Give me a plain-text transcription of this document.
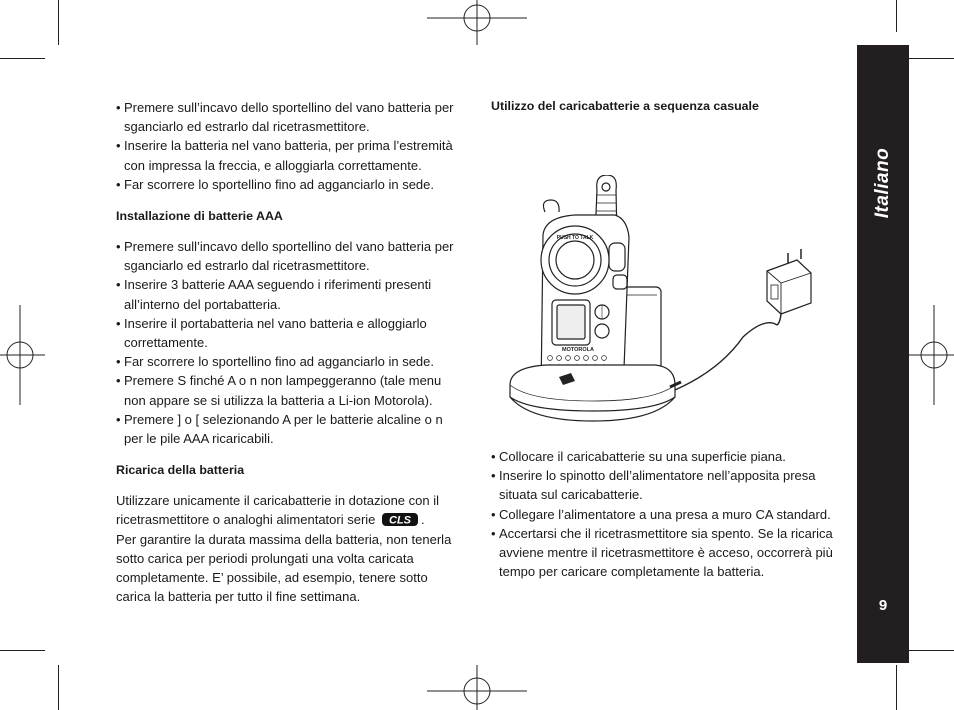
• Premere sull’incavo dello sportellino del vano batteria per sganciarlo ed estrarlo dal ricetrasmettitore.
• Inserire la batteria nel vano batteria, per prima l’estremità con impressa la freccia, e alloggiarla correttamente.
• Far scorrere lo sportellino fino ad agganciarlo in sede.
Installazione di batterie AAA
• Premere sull’incavo dello sportellino del vano batteria per sganciarlo ed estrarlo dal ricetrasmettitore.
• Inserire 3 batterie AAA seguendo i riferimenti presenti all’interno del portabatteria.
• Inserire il portabatteria nel vano batteria e alloggiarlo correttamente.
• Far scorrere lo sportellino fino ad agganciarlo in sede.
• Premere S finché A o n non lampeggeranno (tale menu non appare se si utilizza la batteria a Li-ion Motorola).
• Premere ] o [ selezionando A per le batterie alcaline o n per le pile AAA ricaricabili.
Ricarica della batteria

Utilizzare unicamente il caricabatterie in dotazione con il ricetrasmettitore o analoghi alimentatori serie CLS .
Per garantire la durata massima della batteria, non tenerla sotto carica per periodi prolungati una volta caricata completamente. E’ possibile, ad esempio, tenere sotto carica la batteria per tutto il fine settimana.

Utilizzo del caricabatterie a sequenza casuale
MOTOROLA
PUSH TO TALK
• Collocare il caricabatterie su una superficie piana.
• Inserire lo spinotto dell’alimentatore nell’apposita presa situata sul caricabatterie.
• Collegare l’alimentatore a una presa a muro CA standard.
• Accertarsi che il ricetrasmettitore sia spento. Se la ricarica avviene mentre il ricetrasmettitore è acceso, occorrerà più tempo per caricare completamente la batteria.
Italiano
9
